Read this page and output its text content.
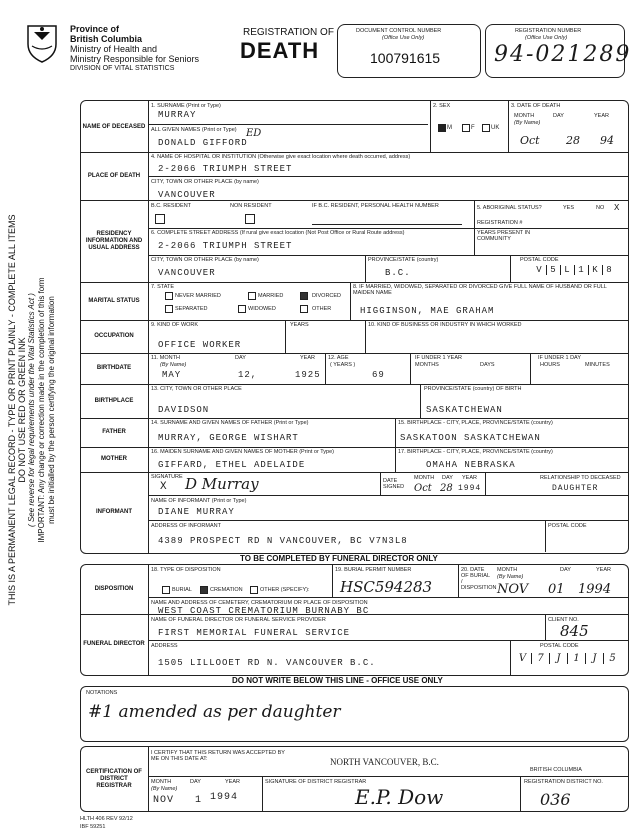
Province of
British Columbia
Ministry of Health and
Ministry Responsible for Seniors
DIVISION OF VITAL STATISTICS
REGISTRATION OF
DEATH
DOCUMENT CONTROL NUMBER
(Office Use Only)
100791615
REGISTRATION NUMBER
(Office Use Only)
94-021289
THIS IS A PERMANENT LEGAL RECORD - TYPE OR PRINT PLAINLY - COMPLETE ALL ITEMS DO NOT USE RED OR GREEN INK ( See reverse for legal requirements under the Vital Statistics Act ) IMPORTANT: Any change or correction made in the completion of this form must be initialled by the person certifying the original information
NAME OF DECEASED
PLACE OF DEATH
RESIDENCY INFORMATION AND USUAL ADDRESS
MARITAL STATUS
OCCUPATION
BIRTHDATE
BIRTHPLACE
FATHER
MOTHER
INFORMANT
1. SURNAME (Print or Type)
MURRAY
ALL GIVEN NAMES (Print or Type)
DONALD GIFFORD
ED
2. SEX
M	F	UK
3. DATE OF DEATH
MONTH	DAY	YEAR
(By Name)
Oct 28 94
4. NAME OF HOSPITAL OR INSTITUTION (Otherwise give exact location where death occurred, address)
2-2066 TRIUMPH STREET
CITY, TOWN OR OTHER PLACE (by name)
VANCOUVER
B.C. RESIDENT	NON RESIDENT	IF B.C. RESIDENT, PERSONAL HEALTH NUMBER	5. ABORIGINAL STATUS?	YES	NO X
REGISTRATION #
6. COMPLETE STREET ADDRESS (If rural give exact location (Not Post Office or Rural Route address)
2-2066 TRIUMPH STREET
YEARS PRESENT IN COMMUNITY
CITY, TOWN OR OTHER PLACE (by name)
VANCOUVER
PROVINCE/STATE (country)
B.C.
POSTAL CODE
V 5 L 1 K 8
7. STATE
NEVER MARRIED	MARRIED	DIVORCED
SEPARATED	WIDOWED	OTHER
8. IF MARRIED, WIDOWED, SEPARATED OR DIVORCED GIVE FULL NAME OF HUSBAND OR FULL MAIDEN NAME
HIGGINSON, MAE GRAHAM
9. KIND OF WORK
OFFICE WORKER
YEARS	10. KIND OF BUSINESS OR INDUSTRY IN WHICH WORKED
11. MONTH
(By Name)
DAY	YEAR
MAY	12,	1925
12. AGE
( YEARS )
69
IF UNDER 1 YEAR
MONTHS	DAYS
IF UNDER 1 DAY
HOURS	MINUTES
13. CITY, TOWN OR OTHER PLACE
DAVIDSON
PROVINCE/STATE (country) OF BIRTH
SASKATCHEWAN
14. SURNAME AND GIVEN NAMES OF FATHER (Print or Type)
MURRAY, GEORGE WISHART
15. BIRTHPLACE - CITY, PLACE, PROVINCE/STATE (country)
SASKATOON SASKATCHEWAN
16. MAIDEN SURNAME AND GIVEN NAMES OF MOTHER (Print or Type)
GIFFARD, ETHEL ADELAIDE
17. BIRTHPLACE - CITY, PLACE, PROVINCE/STATE (country)
OMAHA NEBRASKA
SIGNATURE
X D Murray	DATE SIGNED
MONTH DAY YEAR
Oct 28 1994
RELATIONSHIP TO DECEASED
DAUGHTER
NAME OF INFORMANT (Print or Type)
DIANE MURRAY
ADDRESS OF INFORMANT
4389 PROSPECT RD N VANCOUVER, BC V7N3L8
POSTAL CODE
TO BE COMPLETED BY FUNERAL DIRECTOR ONLY
DISPOSITION
FUNERAL DIRECTOR
18. TYPE OF DISPOSITION
BURIAL	CREMATION	OTHER (SPECIFY):
19. BURIAL PERMIT NUMBER
HSC594283
20. DATE OF BURIAL / DISPOSITION
MONTH
(By Name)
DAY	YEAR
NOV 01 1994
NAME AND ADDRESS OF CEMETERY, CREMATORIUM OR PLACE OF DISPOSITION
WEST COAST CREMATORIUM BURNABY BC
NAME OF FUNERAL DIRECTOR OR FUNERAL SERVICE PROVIDER
FIRST MEMORIAL FUNERAL SERVICE
CLIENT NO.
845
ADDRESS
1505 LILLOOET RD N. VANCOUVER B.C.
POSTAL CODE
V	7	J	1	J	5
DO NOT WRITE BELOW THIS LINE - OFFICE USE ONLY
NOTATIONS
#1 amended as per daughter
CERTIFICATION OF DISTRICT REGISTRAR
I CERTIFY THAT THIS RETURN WAS ACCEPTED BY ME ON THIS DATE AT:	NORTH VANCOUVER, B.C.
BRITISH COLUMBIA
MONTH
(By Name)
DAY	YEAR
NOV 1 1994
SIGNATURE OF DISTRICT REGISTRAR
E.P. Dow
REGISTRATION DISTRICT NO.
036
HLTH 406 REV 92/12
IBF 59251
